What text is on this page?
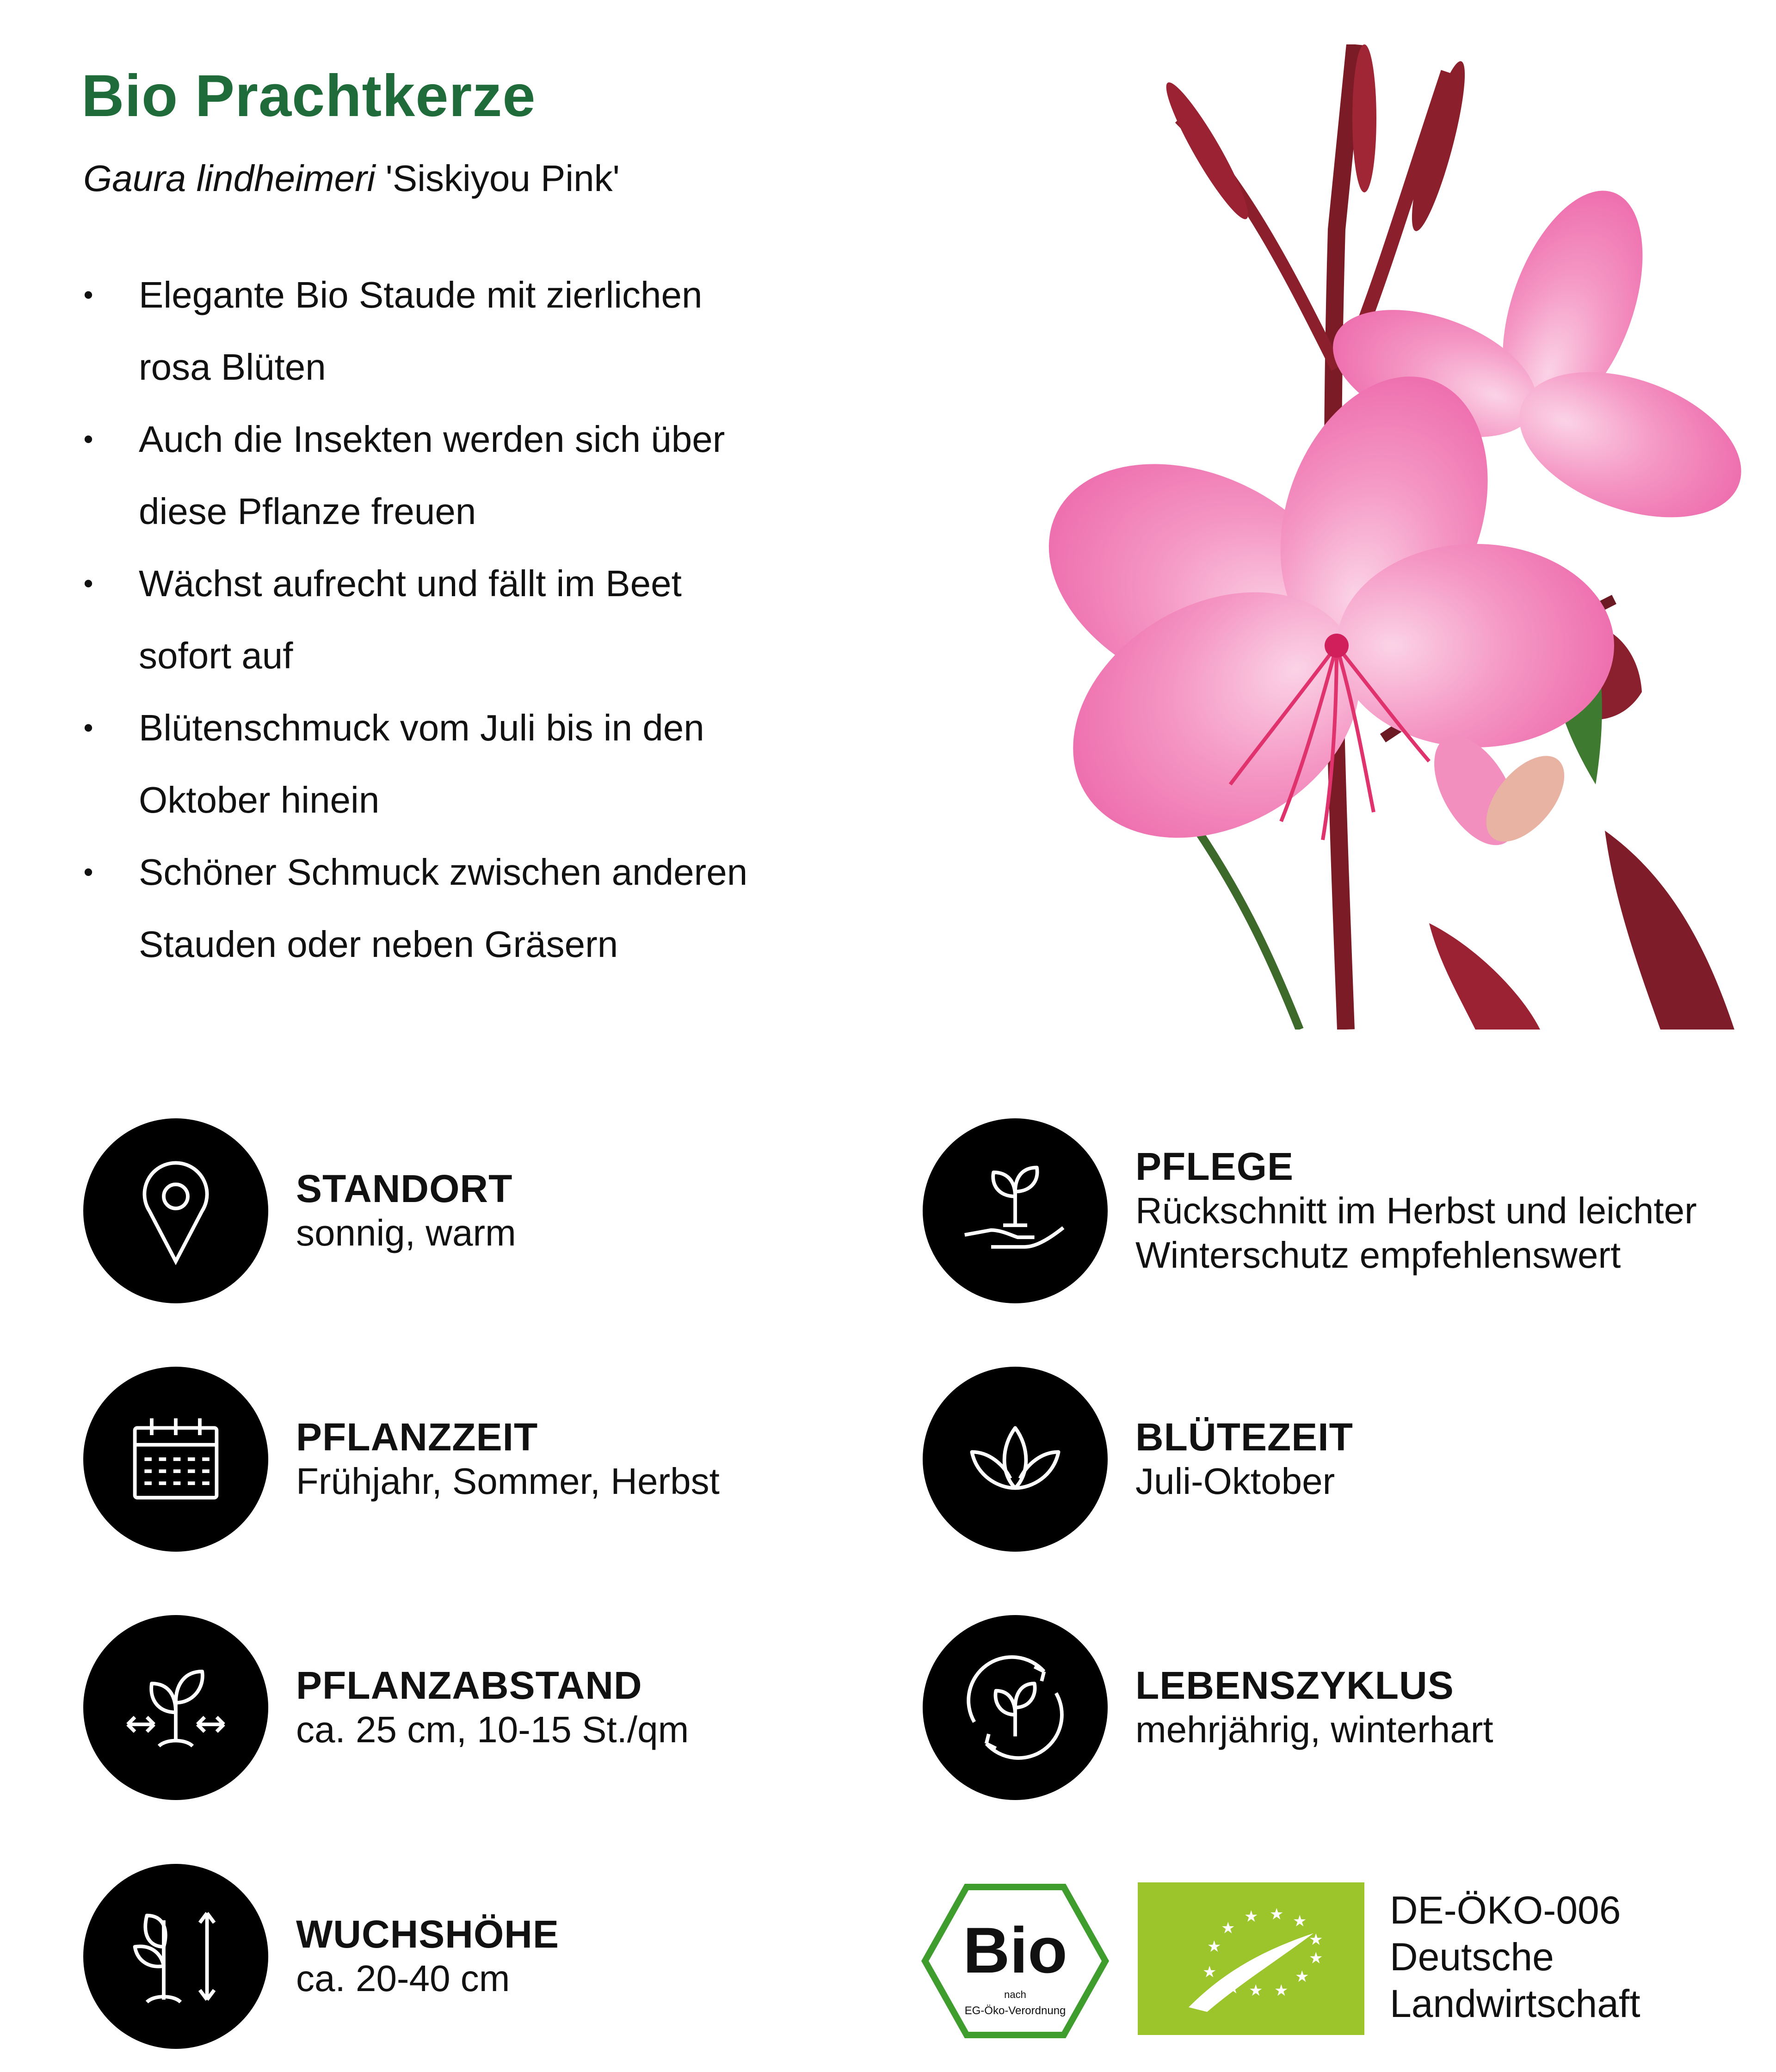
Bio Prachtkerze
Gaura lindheimeri 'Siskiyou Pink'
• Elegante Bio Staude mit zierlichen
rosa Blüten
• Auch die Insekten werden sich über
diese Pflanze freuen
• Wächst aufrecht und fällt im Beet
sofort auf
• Blütenschmuck vom Juli bis in den
Oktober hinein
• Schöner Schmuck zwischen anderen
Stauden oder neben Gräsern
STANDORT
sonnig, warm
PFLEGE
Rückschnitt im Herbst und leichter
Winterschutz empfehlenswert
PFLANZZEIT
Frühjahr, Sommer, Herbst
BLÜTEZEIT
Juli-Oktober
PFLANZABSTAND
ca. 25 cm, 10-15 St./qm
LEBENSZYKLUS
mehrjährig, winterhart
WUCHSHÖHE
ca. 20-40 cm	Bio
nach
EG-Öko-Verordnung
★
★ ★ ★
★
★
★
★ ★
★
★
★
DE-ÖKO-006
Deutsche
Landwirtschaft
